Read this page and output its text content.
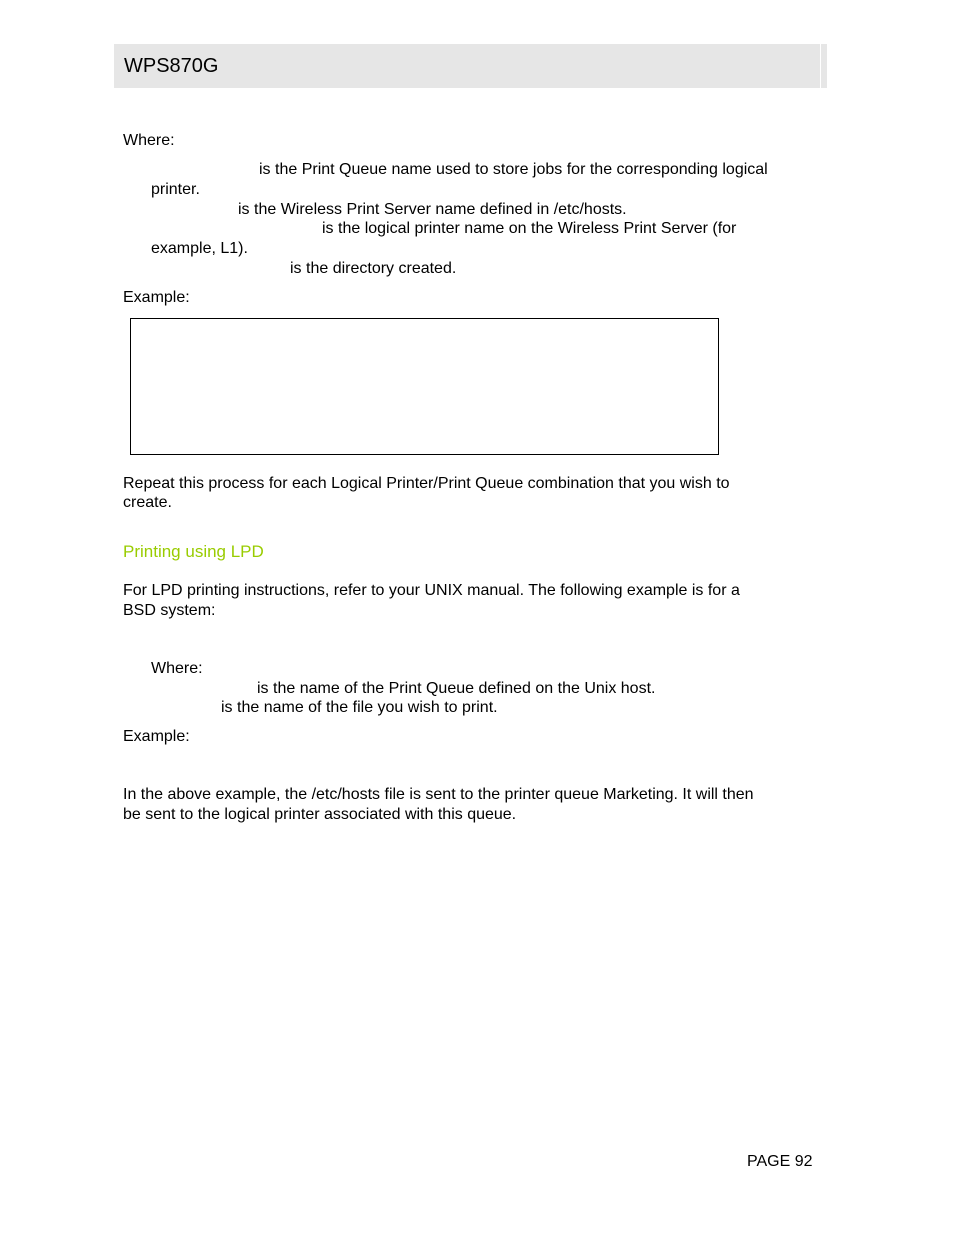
WPS870G
Where:
is the Print Queue name used to store jobs for the corresponding logical
printer.
is the Wireless Print Server name defined in /etc/hosts.
is the logical printer name on the Wireless Print Server (for
example, L1).
is the directory created.
Example:
Repeat this process for each Logical Printer/Print Queue combination that you wish to
create.
Printing using LPD
For LPD printing instructions, refer to your UNIX manual. The following example is for a
BSD system:
Where:
is the name of the Print Queue defined on the Unix host.
is the name of the file you wish to print.
Example:
In the above example, the /etc/hosts file is sent to the printer queue Marketing. It will then
be sent to the logical printer associated with this queue.
PAGE 92
